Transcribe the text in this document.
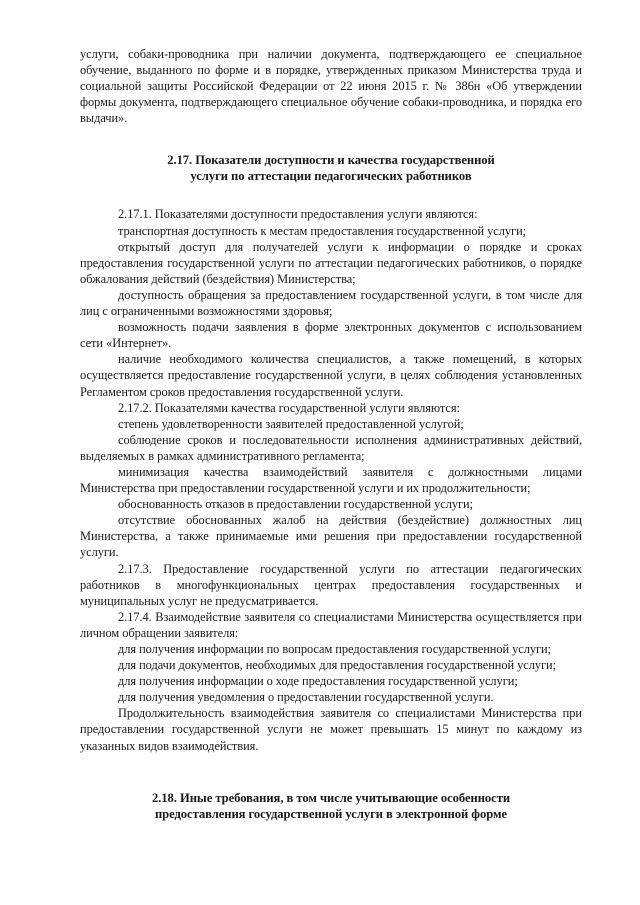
услуги, собаки-проводника при наличии документа, подтверждающего ее специальное обучение, выданного по форме и в порядке, утвержденных приказом Министерства труда и социальной защиты Российской Федерации от 22 июня 2015 г. № 386н «Об утверждении формы документа, подтверждающего специальное обучение собаки-проводника, и порядка его выдачи».

2.17. Показатели доступности и качества государственной
услуги по аттестации педагогических работников

2.17.1. Показателями доступности предоставления услуги являются:

транспортная доступность к местам предоставления государственной услуги;

открытый доступ для получателей услуги к информации о порядке и сроках предоставления государственной услуги по аттестации педагогических работников, о порядке обжалования действий (бездействия) Министерства;

доступность обращения за предоставлением государственной услуги, в том числе для лиц с ограниченными возможностями здоровья;

возможность подачи заявления в форме электронных документов с использованием сети «Интернет».

наличие необходимого количества специалистов, а также помещений, в которых осуществляется предоставление государственной услуги, в целях соблюдения установленных Регламентом сроков предоставления государственной услуги.

2.17.2. Показателями качества государственной услуги являются:

степень удовлетворенности заявителей предоставленной услугой;

соблюдение сроков и последовательности исполнения административных действий, выделяемых в рамках административного регламента;

минимизация качества взаимодействий заявителя с должностными лицами Министерства при предоставлении государственной услуги и их продолжительности;

обоснованность отказов в предоставлении государственной услуги;

отсутствие обоснованных жалоб на действия (бездействие) должностных лиц Министерства, а также принимаемые ими решения при предоставлении государственной услуги.

2.17.3. Предоставление государственной услуги по аттестации педагогических работников в многофункциональных центрах предоставления государственных и муниципальных услуг не предусматривается.

2.17.4. Взаимодействие заявителя со специалистами Министерства осуществляется при личном обращении заявителя:

для получения информации по вопросам предоставления государственной услуги;

для подачи документов, необходимых для предоставления государственной услуги;

для получения информации о ходе предоставления государственной услуги;

для получения уведомления о предоставлении государственной услуги.

Продолжительность взаимодействия заявителя со специалистами Министерства при предоставлении государственной услуги не может превышать 15 минут по каждому из указанных видов взаимодействия.

2.18. Иные требования, в том числе учитывающие особенности
предоставления государственной услуги в электронной форме
